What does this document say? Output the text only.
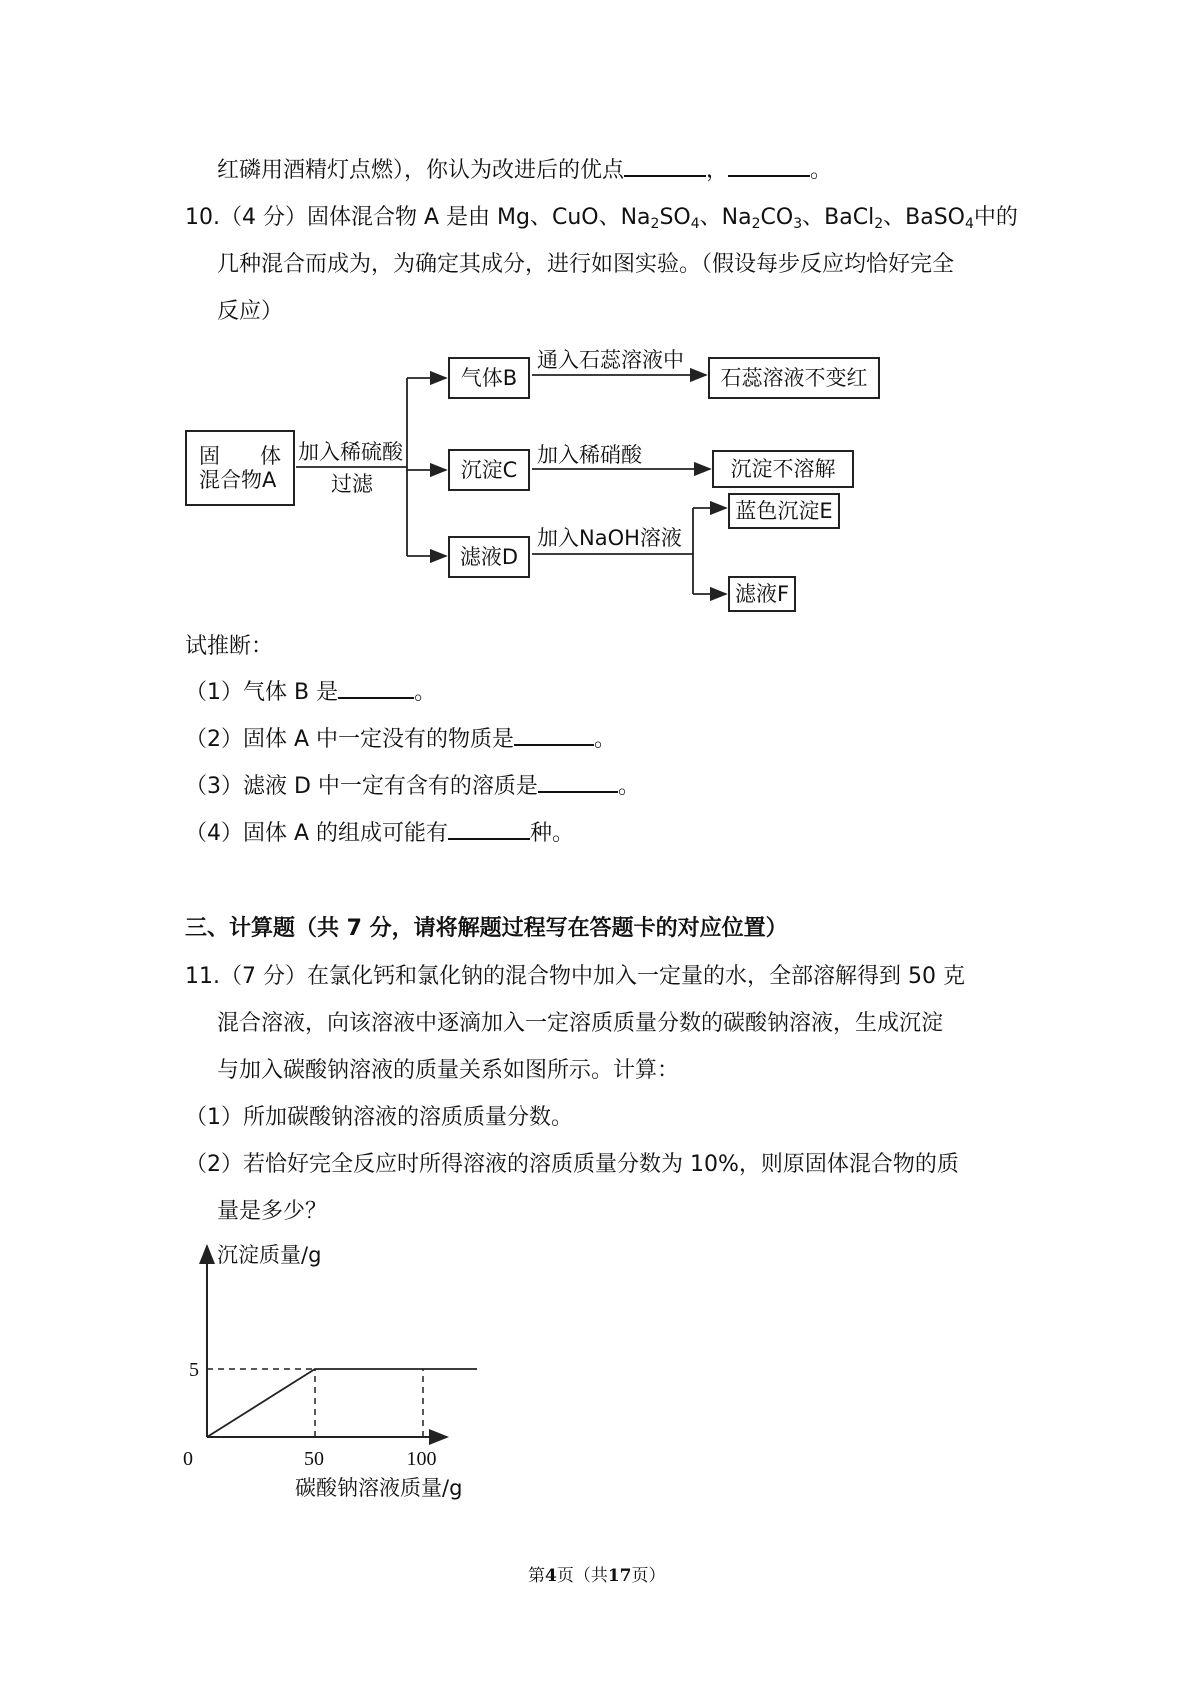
红磷用酒精灯点燃），你认为改进后的优点	，	。
10.（4 分）固体混合物 A 是由 Mg、CuO、$Na_2SO_4$、$Na_2CO_3$、BaCl$_2$、BaSO$_4$中的
几种混合而成为，为确定其成分，进行如图实验。（假设每步反应均恰好完全
反应）
固 体
混合物A
加入稀硫酸
过滤
气体B
通入石蕊溶液中
石蕊溶液不变红
沉淀C
加入稀硝酸
沉淀不溶解
滤液D
加入NaOH溶液
蓝色沉淀E
滤液F
试推断：
（1）气体 B 是	。
（2）固体 A 中一定没有的物质是	。
（3）滤液 D 中一定有含有的溶质是	。
（4）固体 A 的组成可能有	种。
三、计算题（共 7 分，请将解题过程写在答题卡的对应位置）
11.（7 分）在氯化钙和氯化钠的混合物中加入一定量的水，全部溶解得到 50 克
混合溶液，向该溶液中逐滴加入一定溶质质量分数的碳酸钠溶液，生成沉淀
与加入碳酸钠溶液的质量关系如图所示。计算：
（1）所加碳酸钠溶液的溶质质量分数。
（2）若恰好完全反应时所得溶液的溶质质量分数为 10%，则原固体混合物的质
量是多少？
沉淀质量/g
碳酸钠溶液质量/g
0	50	100
5
第4页（共17页）
